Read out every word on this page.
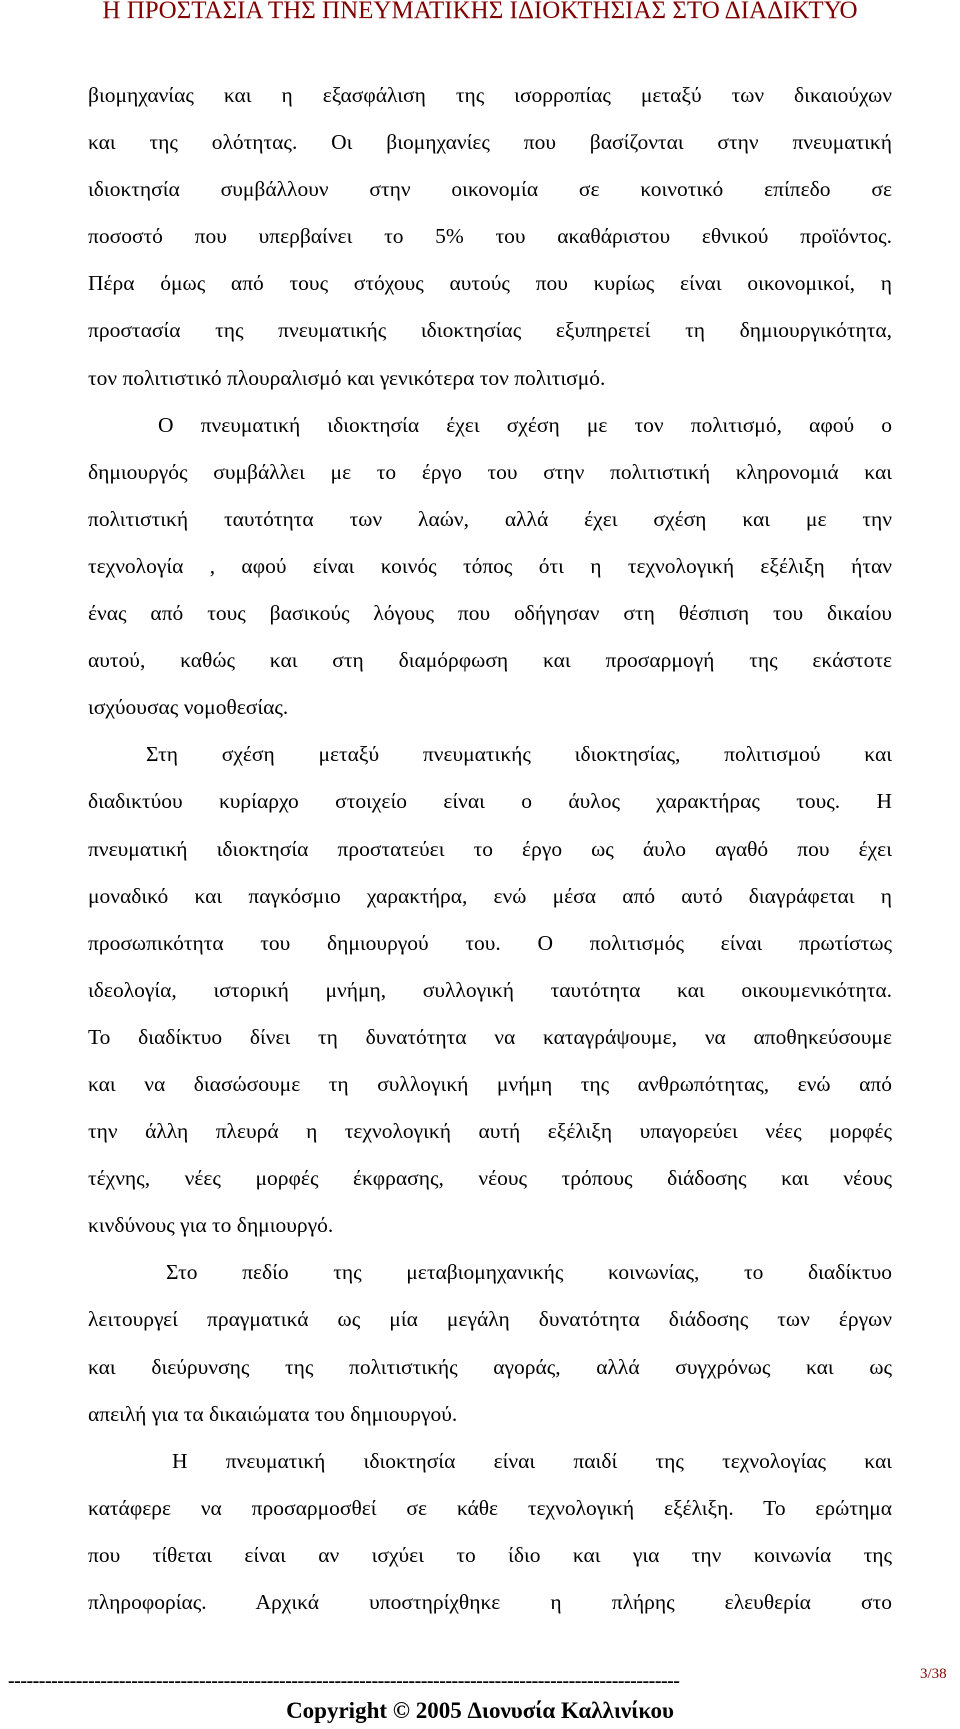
Η ΠΡΟΣΤΑΣΙΑ ΤΗΣ ΠΝΕΥΜΑΤΙΚΗΣ ΙΔΙΟΚΤΗΣΙΑΣ ΣΤΟ ΔΙΑΔΙΚΤΥΟ

βιομηχανίας και η εξασφάλιση της ισορροπίας μεταξύ των δικαιούχων
και της ολότητας. Οι βιομηχανίες που βασίζονται στην πνευματική
ιδιοκτησία συμβάλλουν στην οικονομία σε κοινοτικό επίπεδο σε
ποσοστό που υπερβαίνει το 5% του ακαθάριστου εθνικού προϊόντος.
Πέρα όμως από τους στόχους αυτούς που κυρίως είναι οικονομικοί, η
προστασία της πνευματικής ιδιοκτησίας εξυπηρετεί τη δημιουργικότητα,
τον πολιτιστικό πλουραλισμό και γενικότερα τον πολιτισμό.

Ο πνευματική ιδιοκτησία έχει σχέση με τον πολιτισμό, αφού ο
δημιουργός συμβάλλει με το έργο του στην πολιτιστική κληρονομιά και
πολιτιστική ταυτότητα των λαών, αλλά έχει σχέση και με την
τεχνολογία , αφού είναι κοινός τόπος ότι η τεχνολογική εξέλιξη ήταν
ένας από τους βασικούς λόγους που οδήγησαν στη θέσπιση του δικαίου
αυτού, καθώς και στη διαμόρφωση και προσαρμογή της εκάστοτε
ισχύουσας νομοθεσίας.

Στη σχέση μεταξύ πνευματικής ιδιοκτησίας, πολιτισμού και
διαδικτύου κυρίαρχο στοιχείο είναι ο άυλος χαρακτήρας τους. Η
πνευματική ιδιοκτησία προστατεύει το έργο ως άυλο αγαθό που έχει
μοναδικό και παγκόσμιο χαρακτήρα, ενώ μέσα από αυτό διαγράφεται η
προσωπικότητα του δημιουργού του. Ο πολιτισμός είναι πρωτίστως
ιδεολογία, ιστορική μνήμη, συλλογική ταυτότητα και οικουμενικότητα.
Το διαδίκτυο δίνει τη δυνατότητα να καταγράψουμε, να αποθηκεύσουμε
και να διασώσουμε τη συλλογική μνήμη της ανθρωπότητας, ενώ από
την άλλη πλευρά η τεχνολογική αυτή εξέλιξη υπαγορεύει νέες μορφές
τέχνης, νέες μορφές έκφρασης, νέους τρόπους διάδοσης και νέους
κινδύνους για το δημιουργό.

Στο πεδίο της μεταβιομηχανικής κοινωνίας, το διαδίκτυο
λειτουργεί πραγματικά ως μία μεγάλη δυνατότητα διάδοσης των έργων
και διεύρυνσης της πολιτιστικής αγοράς, αλλά συγχρόνως και ως
απειλή για τα δικαιώματα του δημιουργού.

Η πνευματική ιδιοκτησία είναι παιδί της τεχνολογίας και
κατάφερε να προσαρμοσθεί σε κάθε τεχνολογική εξέλιξη. Το ερώτημα
που τίθεται είναι αν ισχύει το ίδιο και για την κοινωνία της
πληροφορίας. Αρχικά υποστηρίχθηκε η πλήρης ελευθερία στο

-------------------------------------------------------------------------------------------------------------	3/38
Copyright © 2005 Διονυσία Καλλινίκου
